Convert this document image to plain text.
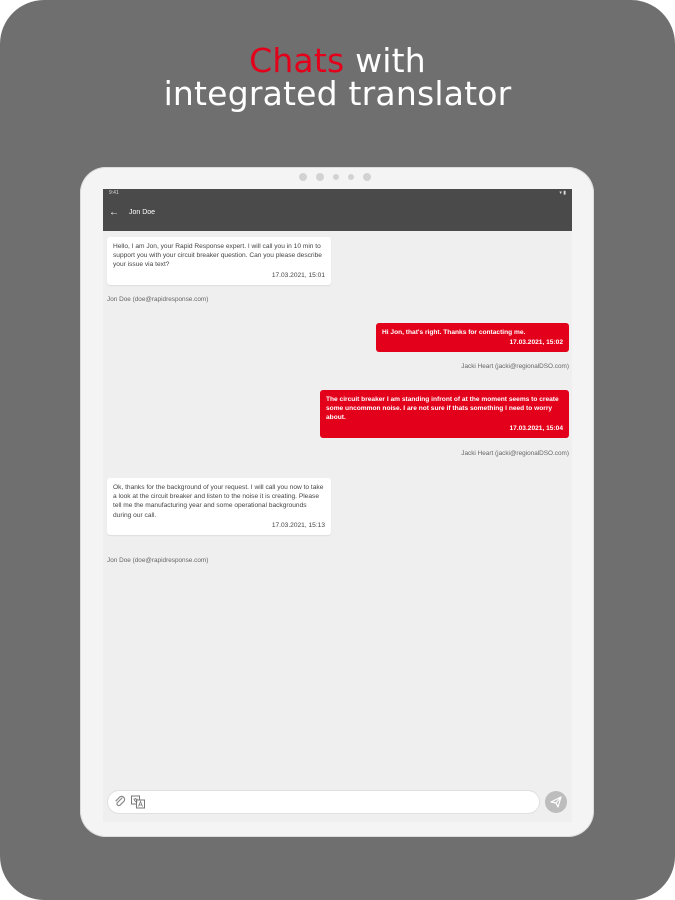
Chats with
integrated translator
9:41	▾ ▮
← Jon Doe
Hello, I am Jon, your Rapid Response expert. I will call you in 10 min to support you with your circuit breaker question. Can you please describe your issue via text?
17.03.2021, 15:01
Jon Doe (doe@rapidresponse.com)
Hi Jon, that's right. Thanks for contacting me.
17.03.2021, 15:02
Jacki Heart (jacki@regionalDSO.com)
The circuit breaker I am standing infront of at the moment seems to create some uncommon noise. I are not sure if thats something I need to worry about.
17.03.2021, 15:04
Jacki Heart (jacki@regionalDSO.com)
Ok, thanks for the background of your request. I will call you now to take a look at the circuit breaker and listen to the noise it is creating. Please tell me the manufacturing year and some operational backgrounds during our call.
17.03.2021, 15:13
Jon Doe (doe@rapidresponse.com)
